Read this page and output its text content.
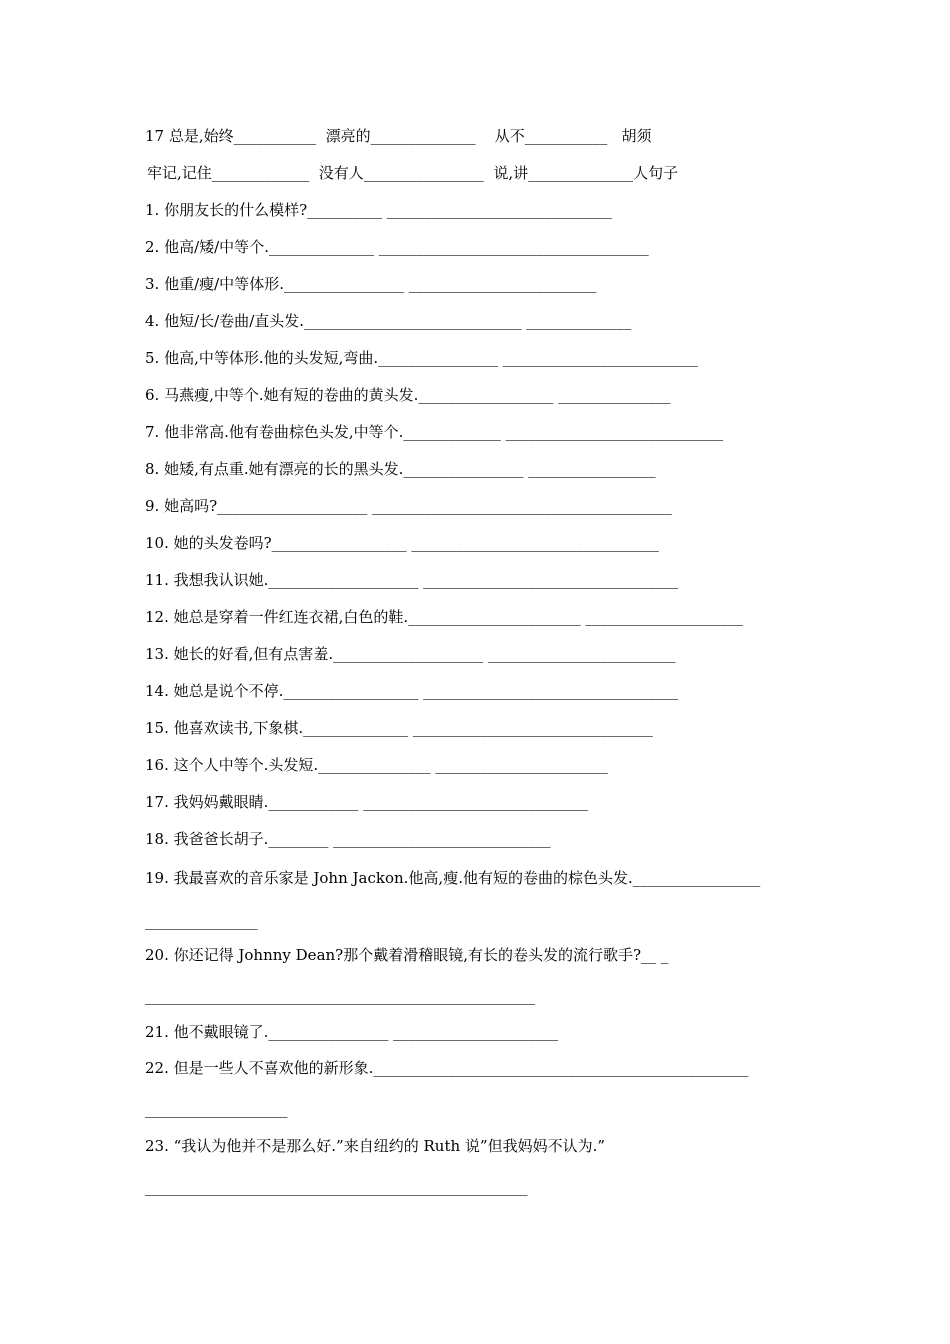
17 总是,始终___________  漂亮的______________    从不___________   胡须
牢记,记住_____________  没有人________________  说,讲______________人句子
1. 你朋友长的什么模样?__________ ______________________________
2. 他高/矮/中等个.______________ ____________________________________
3. 他重/瘦/中等体形.________________ _________________________
4. 他短/长/卷曲/直头发._____________________________ ______________
5. 他高,中等体形.他的头发短,弯曲.________________ __________________________
6. 马燕瘦,中等个.她有短的卷曲的黄头发.__________________ _______________
7. 他非常高.他有卷曲棕色头发,中等个._____________ _____________________________
8. 她矮,有点重.她有漂亮的长的黑头发.________________ _________________
9. 她高吗?____________________ ________________________________________
10. 她的头发卷吗?__________________ _________________________________
11. 我想我认识她.____________________ __________________________________
12. 她总是穿着一件红连衣裙,白色的鞋._______________________ _____________________
13. 她长的好看,但有点害羞.____________________ _________________________
14. 她总是说个不停.__________________ __________________________________
15. 他喜欢读书,下象棋.______________ ________________________________
16. 这个人中等个.头发短._______________ _______________________
17. 我妈妈戴眼睛.____________ ______________________________
18. 我爸爸长胡子.________ _____________________________
19. 我最喜欢的音乐家是 John Jackon.他高,瘦.他有短的卷曲的棕色头发._________________
_______________
20. 你还记得 Johnny Dean?那个戴着滑稽眼镜,有长的卷头发的流行歌手?__ _
____________________________________________________
21. 他不戴眼镜了.________________ ______________________
22. 但是一些人不喜欢他的新形象.__________________________________________________
___________________
23. “我认为他并不是那么好.”来自纽约的 Ruth 说”但我妈妈不认为.”
___________________________________________________
